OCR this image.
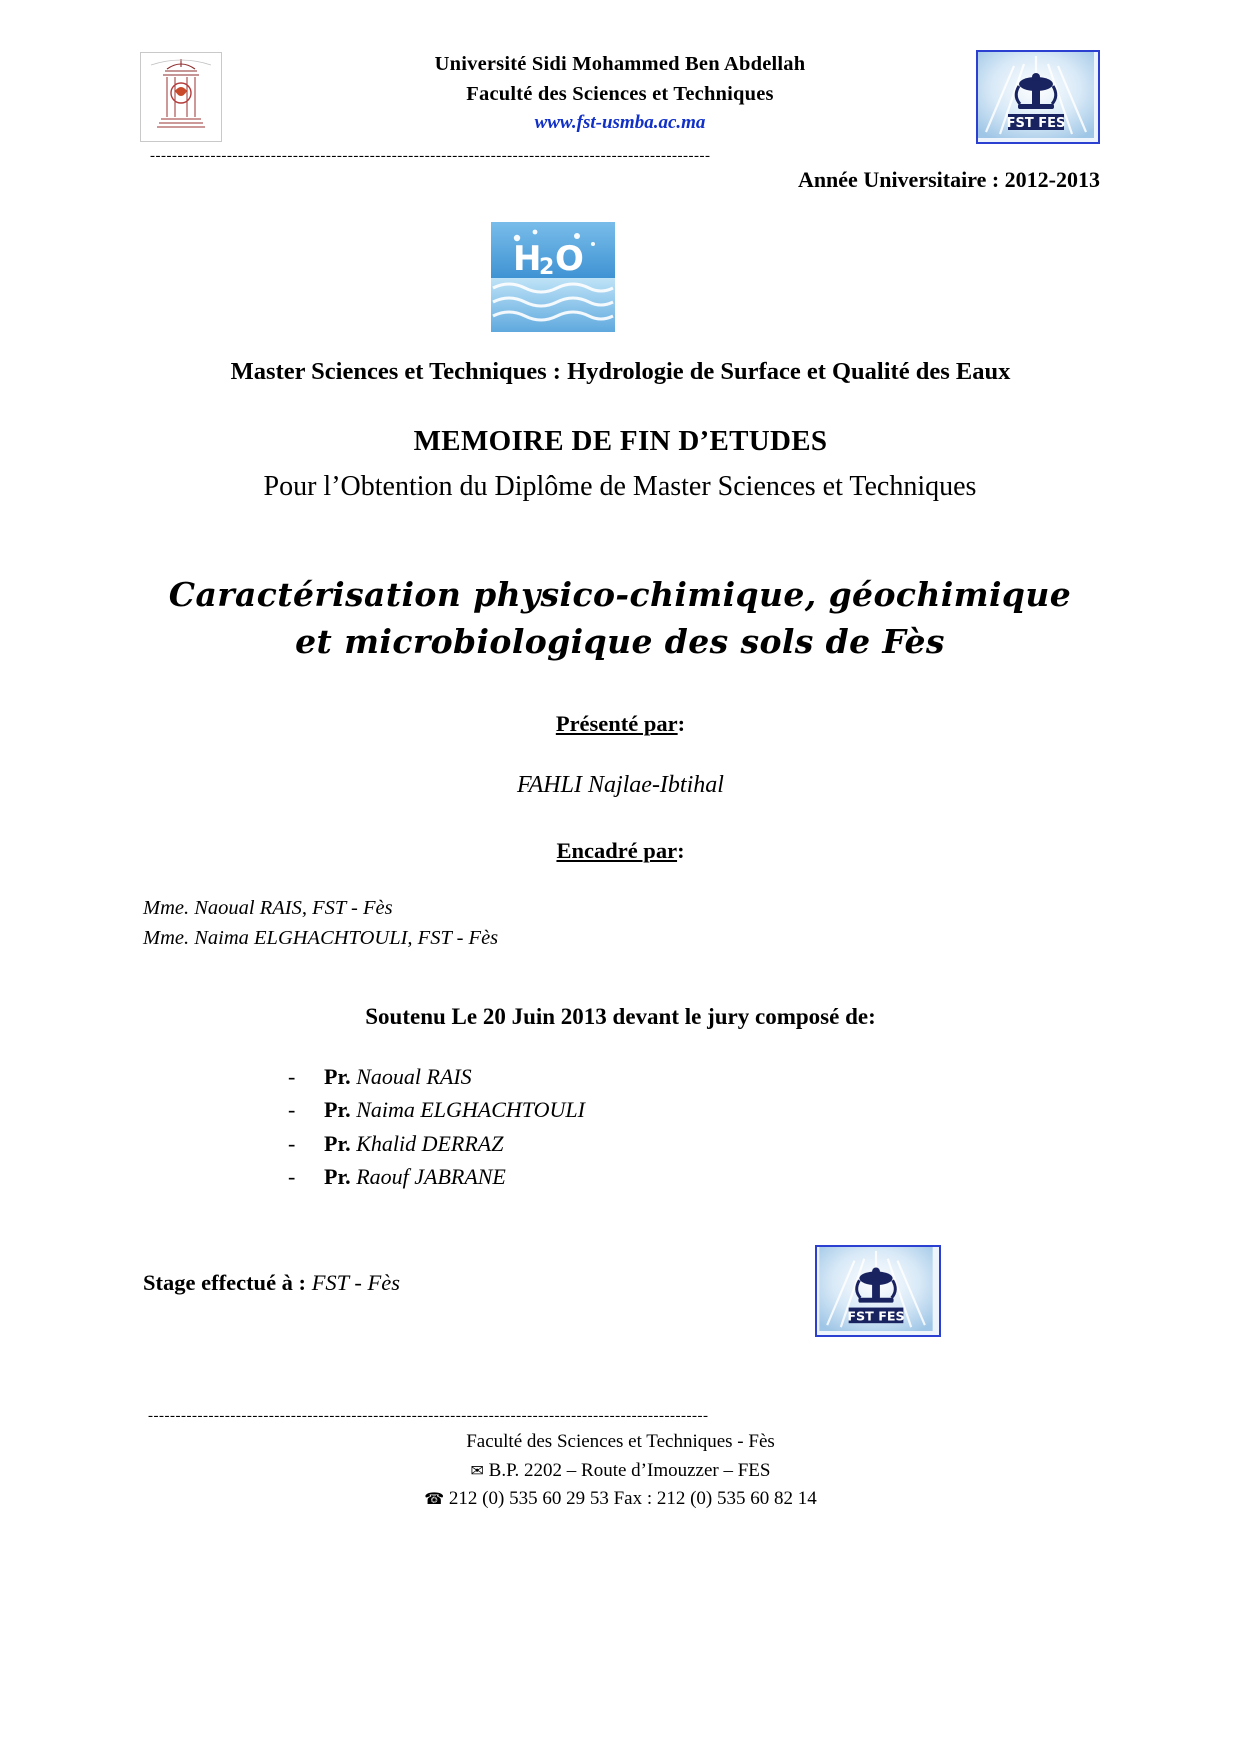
Université Sidi Mohammed Ben Abdellah
Faculté des Sciences et Techniques
www.fst-usmba.ac.ma	FST FES
------------------------------------------------------------------------------------------------------
Année Universitaire : 2012-2013
H
2 O
Master Sciences et Techniques : Hydrologie de Surface et Qualité des Eaux
MEMOIRE DE FIN D’ETUDES
Pour l’Obtention du Diplôme de Master Sciences et Techniques
Caractérisation physico-chimique, géochimique
et microbiologique des sols de Fès
Présenté par:
FAHLI Najlae-Ibtihal
Encadré par:
Mme. Naoual RAIS, FST - Fès
Mme. Naima ELGHACHTOULI, FST - Fès
Soutenu Le 20 Juin 2013 devant le jury composé de:
- Pr. Naoual RAIS
- Pr. Naima ELGHACHTOULI
- Pr. Khalid DERRAZ
- Pr. Raouf JABRANE
Stage effectué à : FST - Fès
FST FES
------------------------------------------------------------------------------------------------------
Faculté des Sciences et Techniques - Fès
✉ B.P. 2202 – Route d’Imouzzer – FES
☎ 212 (0) 535 60 29 53 Fax : 212 (0) 535 60 82 14
